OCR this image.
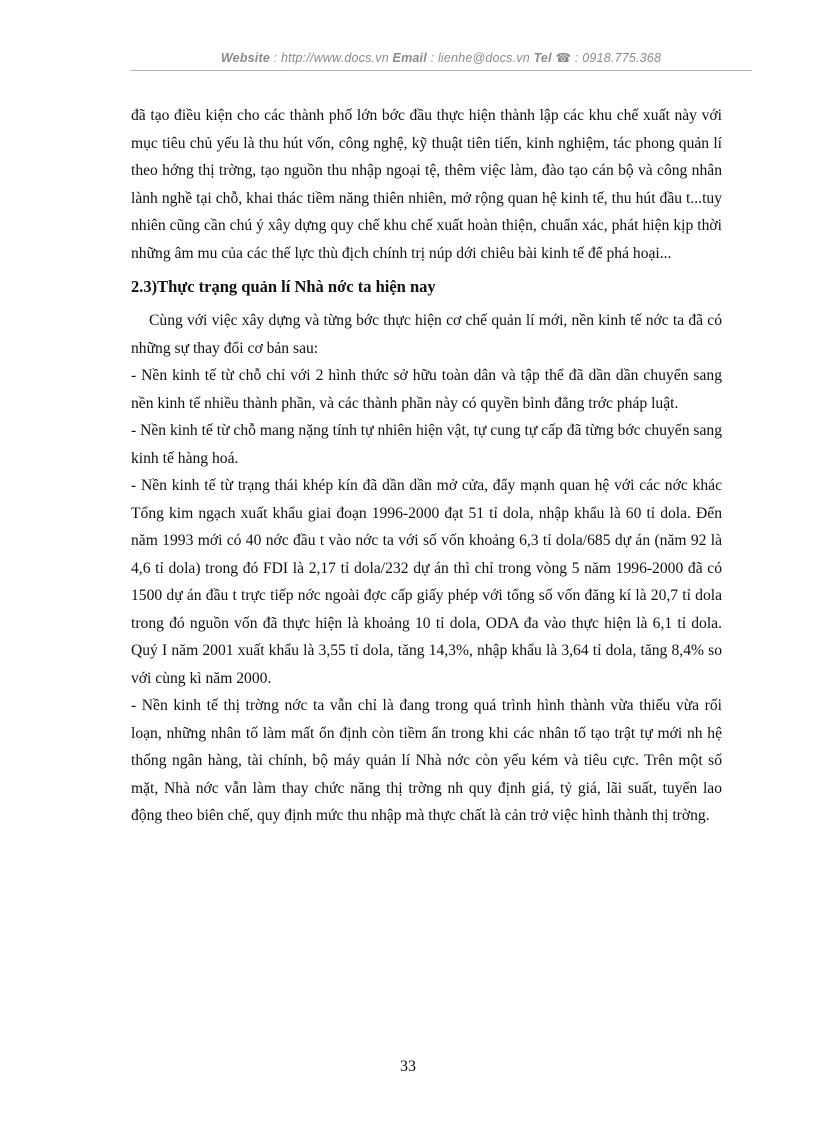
Website : http://www.docs.vn Email : lienhe@docs.vn Tel ☎ : 0918.775.368

đã tạo điều kiện cho các thành phố lớn bớc đầu thực hiện thành lập các khu chế xuất này với mục tiêu chủ yếu là thu hút vốn, công nghệ, kỹ thuật tiên tiến, kinh nghiệm, tác phong quản lí theo hớng thị trờng, tạo nguồn thu nhập ngoại tệ, thêm việc làm, đào tạo cán bộ và công nhân lành nghề tại chỗ, khai thác tiềm năng thiên nhiên, mở rộng quan hệ kinh tế, thu hút đầu t...tuy nhiên cũng cần chú ý xây dựng quy chế khu chế xuất hoàn thiện, chuẩn xác, phát hiện kịp thời những âm mu của các thế lực thù địch chính trị núp dới chiêu bài kinh tế để phá hoại...

2.3)Thực trạng quản lí Nhà nớc ta hiện nay

Cùng với việc xây dựng và từng bớc thực hiện cơ chế quản lí mới, nền kinh tế nớc ta đã có những sự thay đổi cơ bản sau:

- Nền kinh tế từ chỗ chỉ với 2 hình thức sở hữu toàn dân và tập thể đã dần dần chuyển sang nền kinh tế nhiều thành phần, và các thành phần này có quyền bình đẳng trớc pháp luật.

- Nền kinh tế từ chỗ mang nặng tính tự nhiên hiện vật, tự cung tự cấp đã từng bớc chuyển sang kinh tế hàng hoá.

- Nền kinh tế từ trạng thái khép kín đã dần dần mở cửa, đẩy mạnh quan hệ với các nớc khác Tổng kim ngạch xuất khẩu giai đoạn 1996-2000 đạt 51 tỉ dola, nhập khẩu là 60 tỉ dola. Đến năm 1993 mới có 40 nớc đầu t vào nớc ta với số vốn khoảng 6,3 tỉ dola/685 dự án (năm 92 là 4,6 tỉ dola) trong đó FDI là 2,17 tỉ dola/232 dự án thì chỉ trong vòng 5 năm 1996-2000 đã có 1500 dự án đầu t trực tiếp nớc ngoài đợc cấp giấy phép với tổng số vốn đăng kí là 20,7 tỉ dola trong đó nguồn vốn đã thực hiện là khoảng 10 tỉ dola, ODA đa vào thực hiện là 6,1 tỉ dola. Quý I năm 2001 xuất khẩu là 3,55 tỉ dola, tăng 14,3%, nhập khẩu là 3,64 tỉ dola, tăng 8,4% so với cùng kì năm 2000.

- Nền kinh tế thị trờng nớc ta vẫn chỉ là đang trong quá trình hình thành vừa thiếu vừa rối loạn, những nhân tố làm mất ổn định còn tiềm ẩn trong khi các nhân tố tạo trật tự mới nh hệ thống ngân hàng, tài chính, bộ máy quản lí Nhà nớc còn yếu kém và tiêu cực. Trên một số mặt, Nhà nớc vẫn làm thay chức năng thị trờng nh quy định giá, tỷ giá, lãi suất, tuyển lao động theo biên chế, quy định mức thu nhập mà thực chất là cản trở việc hình thành thị trờng.

33
